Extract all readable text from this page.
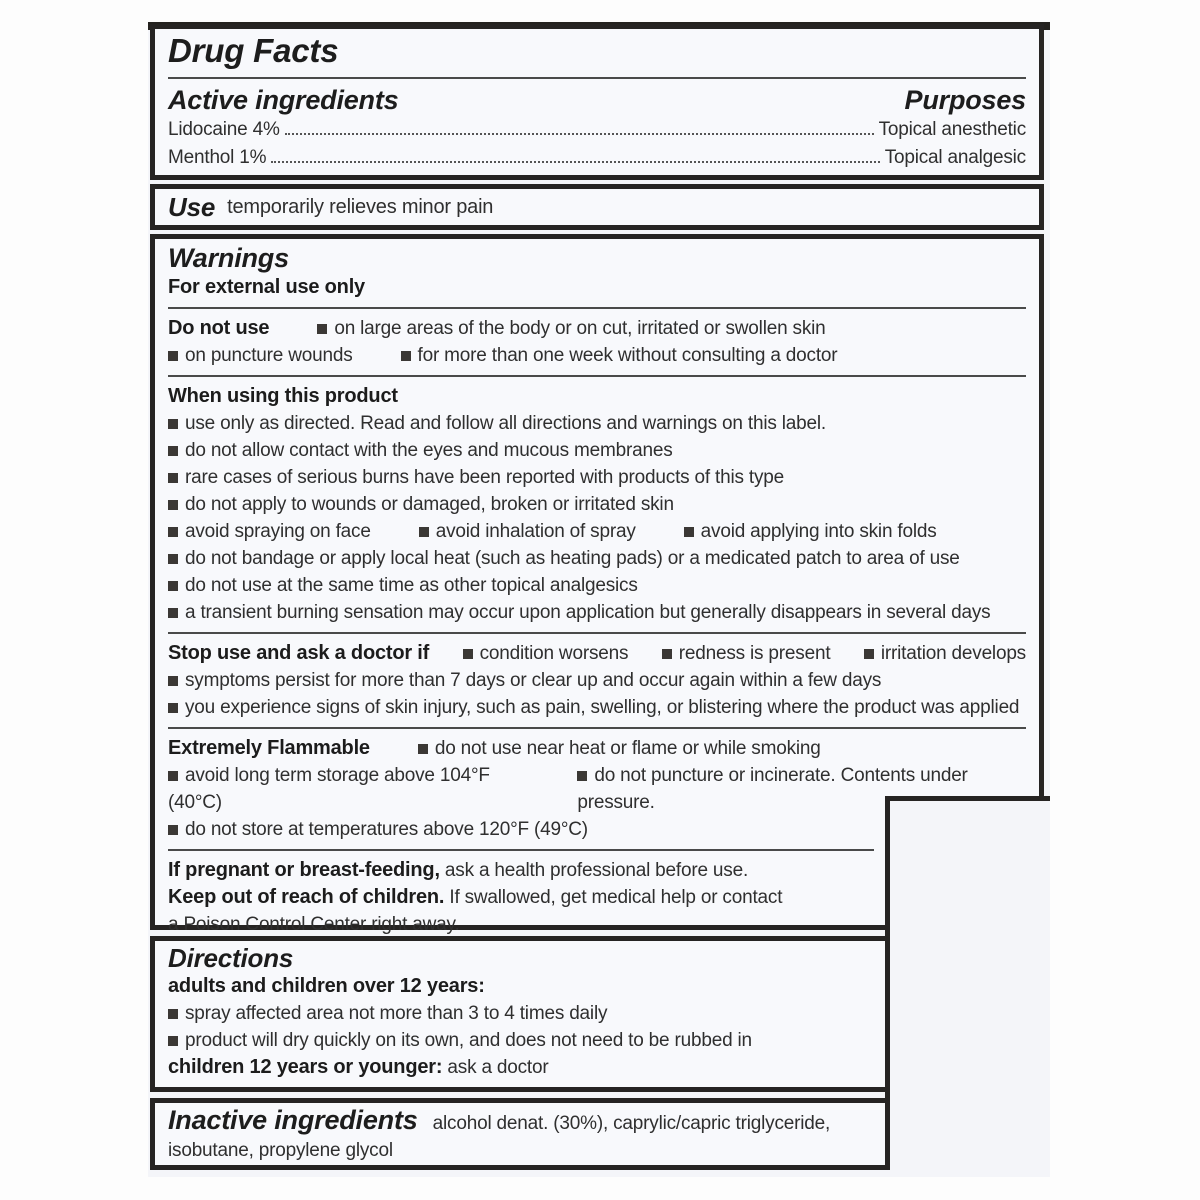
Drug Facts
Active ingredients	Purposes
Lidocaine 4%	Topical anesthetic
Menthol 1%	Topical analgesic
Use temporarily relieves minor pain
Warnings
For external use only
Do not use	on large areas of the body or on cut, irritated or swollen skin
on puncture wounds	for more than one week without consulting a doctor
When using this product
use only as directed. Read and follow all directions and warnings on this label.
do not allow contact with the eyes and mucous membranes
rare cases of serious burns have been reported with products of this type
do not apply to wounds or damaged, broken or irritated skin
avoid spraying on face	avoid inhalation of spray	avoid applying into skin folds
do not bandage or apply local heat (such as heating pads) or a medicated patch to area of use
do not use at the same time as other topical analgesics
a transient burning sensation may occur upon application but generally disappears in several days
Stop use and ask a doctor if	condition worsens	redness is present	irritation develops
symptoms persist for more than 7 days or clear up and occur again within a few days
you experience signs of skin injury, such as pain, swelling, or blistering where the product was applied
Extremely Flammable	do not use near heat or flame or while smoking
avoid long term storage above 104°F (40°C)
do not puncture or incinerate. Contents under pressure.
do not store at temperatures above 120°F (49°C)
If pregnant or breast-feeding, ask a health professional before use.
Keep out of reach of children. If swallowed, get medical help or contact
a Poison Control Center right away.
Directions
adults and children over 12 years:
spray affected area not more than 3 to 4 times daily
product will dry quickly on its own, and does not need to be rubbed in
children 12 years or younger: ask a doctor
Inactive ingredients alcohol denat. (30%), caprylic/capric triglyceride,
isobutane, propylene glycol
